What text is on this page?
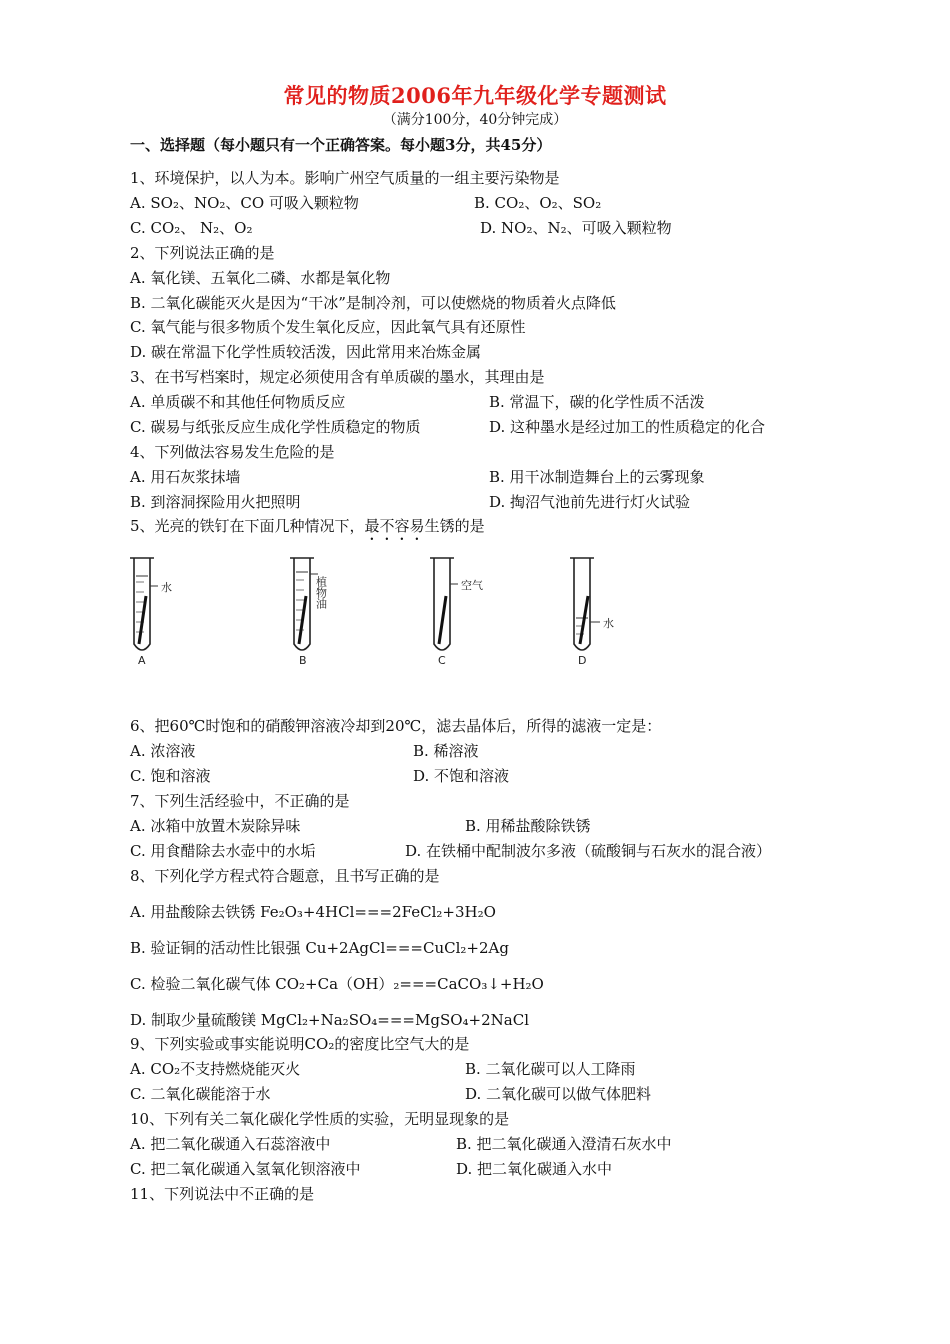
常见的物质2006年九年级化学专题测试
（满分100分，40分钟完成）
一、选择题（每小题只有一个正确答案。每小题3分，共45分）
1、环境保护，以人为本。影响广州空气质量的一组主要污染物是
A. SO₂、NO₂、CO 可吸入颗粒物	B. CO₂、O₂、SO₂
C. CO₂、 N₂、O₂	D. NO₂、N₂、可吸入颗粒物
2、下列说法正确的是
A. 氧化镁、五氧化二磷、水都是氧化物
B. 二氧化碳能灭火是因为“干冰”是制冷剂，可以使燃烧的物质着火点降低
C. 氧气能与很多物质个发生氧化反应，因此氧气具有还原性
D. 碳在常温下化学性质较活泼，因此常用来冶炼金属
3、在书写档案时，规定必须使用含有单质碳的墨水，其理由是
A. 单质碳不和其他任何物质反应	B. 常温下，碳的化学性质不活泼
C. 碳易与纸张反应生成化学性质稳定的物质	D. 这种墨水是经过加工的性质稳定的化合
4、下列做法容易发生危险的是
A. 用石灰浆抹墙	B. 用干冰制造舞台上的云雾现象
B. 到溶洞探险用火把照明	D. 掏沼气池前先进行灯火试验
5、光亮的铁钉在下面几种情况下，最不容易生锈的是
水
A
植物油
B
空气
C
水
D
6、把60℃时饱和的硝酸钾溶液冷却到20℃，滤去晶体后，所得的滤液一定是：
A. 浓溶液	B. 稀溶液
C. 饱和溶液	D. 不饱和溶液
7、下列生活经验中，不正确的是
A. 冰箱中放置木炭除异味	B. 用稀盐酸除铁锈
C. 用食醋除去水壶中的水垢	D. 在铁桶中配制波尔多液（硫酸铜与石灰水的混合液）
8、下列化学方程式符合题意，且书写正确的是
A. 用盐酸除去铁锈 Fe₂O₃+4HCl===2FeCl₂+3H₂O
B. 验证铜的活动性比银强 Cu+2AgCl===CuCl₂+2Ag
C. 检验二氧化碳气体 CO₂+Ca（OH）₂===CaCO₃↓+H₂O
D. 制取少量硫酸镁 MgCl₂+Na₂SO₄===MgSO₄+2NaCl
9、下列实验或事实能说明CO₂的密度比空气大的是
A. CO₂不支持燃烧能灭火	B. 二氧化碳可以人工降雨
C. 二氧化碳能溶于水	D. 二氧化碳可以做气体肥料
10、下列有关二氧化碳化学性质的实验，无明显现象的是
A. 把二氧化碳通入石蕊溶液中	B. 把二氧化碳通入澄清石灰水中
C. 把二氧化碳通入氢氧化钡溶液中	D. 把二氧化碳通入水中
11、下列说法中不正确的是
